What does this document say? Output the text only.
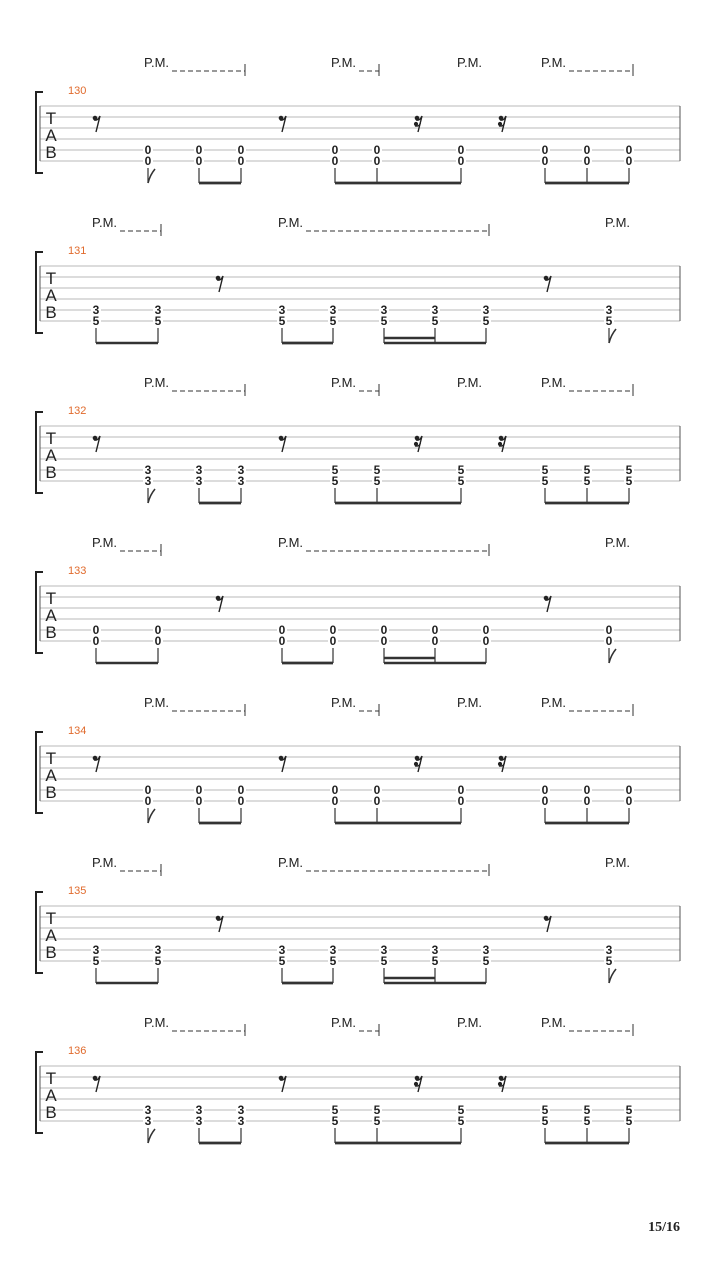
T
A
B
130
P.M.	P.M.	P.M.	P.M.
0
0
0
0
0
0
0
0
0
0
0
0
0
0
0
0
0
0
T
A
B
131
P.M.	P.M.	P.M.
3
5
3
5
3
5
3
5
3
5
3
5
3
5
3
5
T
A
B
132
P.M.	P.M.	P.M.	P.M.
3
3
3
3
3
3
5
5
5
5
5
5
5
5
5
5
5
5
T
A
B
133
P.M.	P.M.	P.M.
0
0
0
0
0
0
0
0
0
0
0
0
0
0
0
0
T
A
B
134
P.M.	P.M.	P.M.	P.M.
0
0
0
0
0
0
0
0
0
0
0
0
0
0
0
0
0
0
T
A
B
135
P.M.	P.M.	P.M.
3
5
3
5
3
5
3
5
3
5
3
5
3
5
3
5
T
A
B
136
P.M.	P.M.	P.M.	P.M.
3
3
3
3
3
3
5
5
5
5
5
5
5
5
5
5
5
5
15/16
